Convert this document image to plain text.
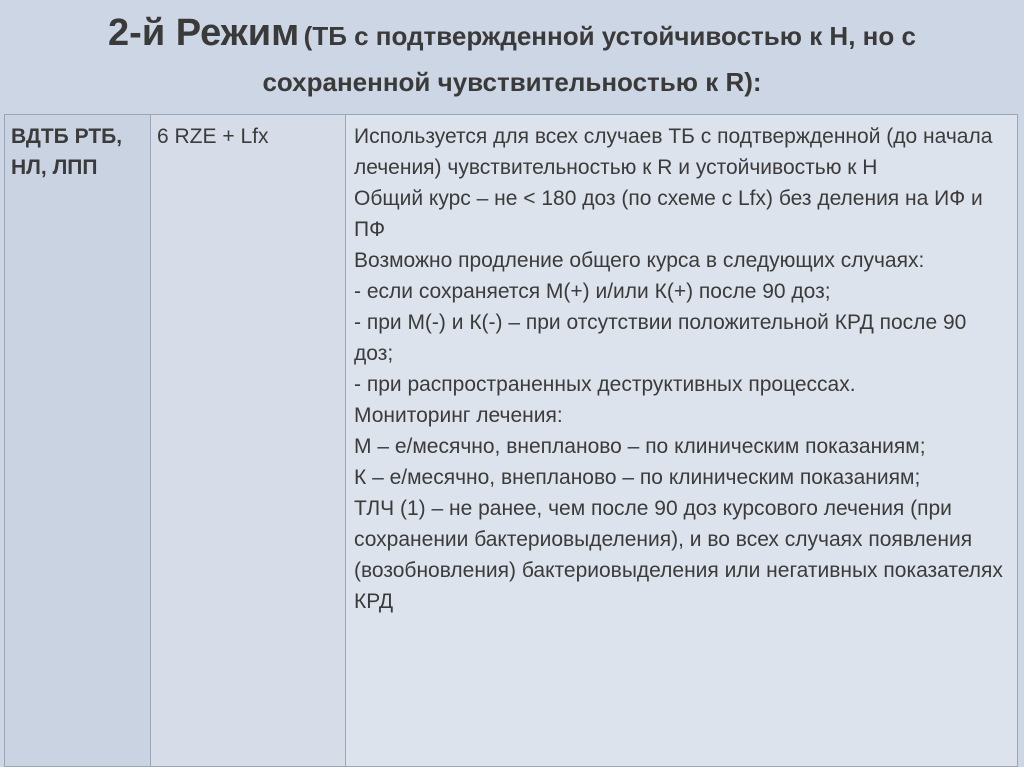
2-й Режим (ТБ с подтвержденной устойчивостью к H, но с
сохраненной чувствительностью к R):
ВДТБ РТБ, НЛ, ЛПП	6 RZE + Lfx	Используется для всех случаев ТБ с подтвержденной (до начала лечения) чувствительностью к R и устойчивостью к H
Общий курс – не < 180 доз (по схеме с Lfx) без деления на ИФ и ПФ
Возможно продление общего курса в следующих случаях:
- если сохраняется М(+) и/или К(+) после 90 доз;
- при М(-) и К(-) – при отсутствии положительной КРД после 90 доз;
- при распространенных деструктивных процессах.
Мониторинг лечения:
М – е/месячно, внепланово – по клиническим показаниям;
К – е/месячно, внепланово – по клиническим показаниям;
ТЛЧ (1) – не ранее, чем после 90 доз курсового лечения (при сохранении бактериовыделения), и во всех случаях появления (возобновления) бактериовыделения или негативных показателях КРД
